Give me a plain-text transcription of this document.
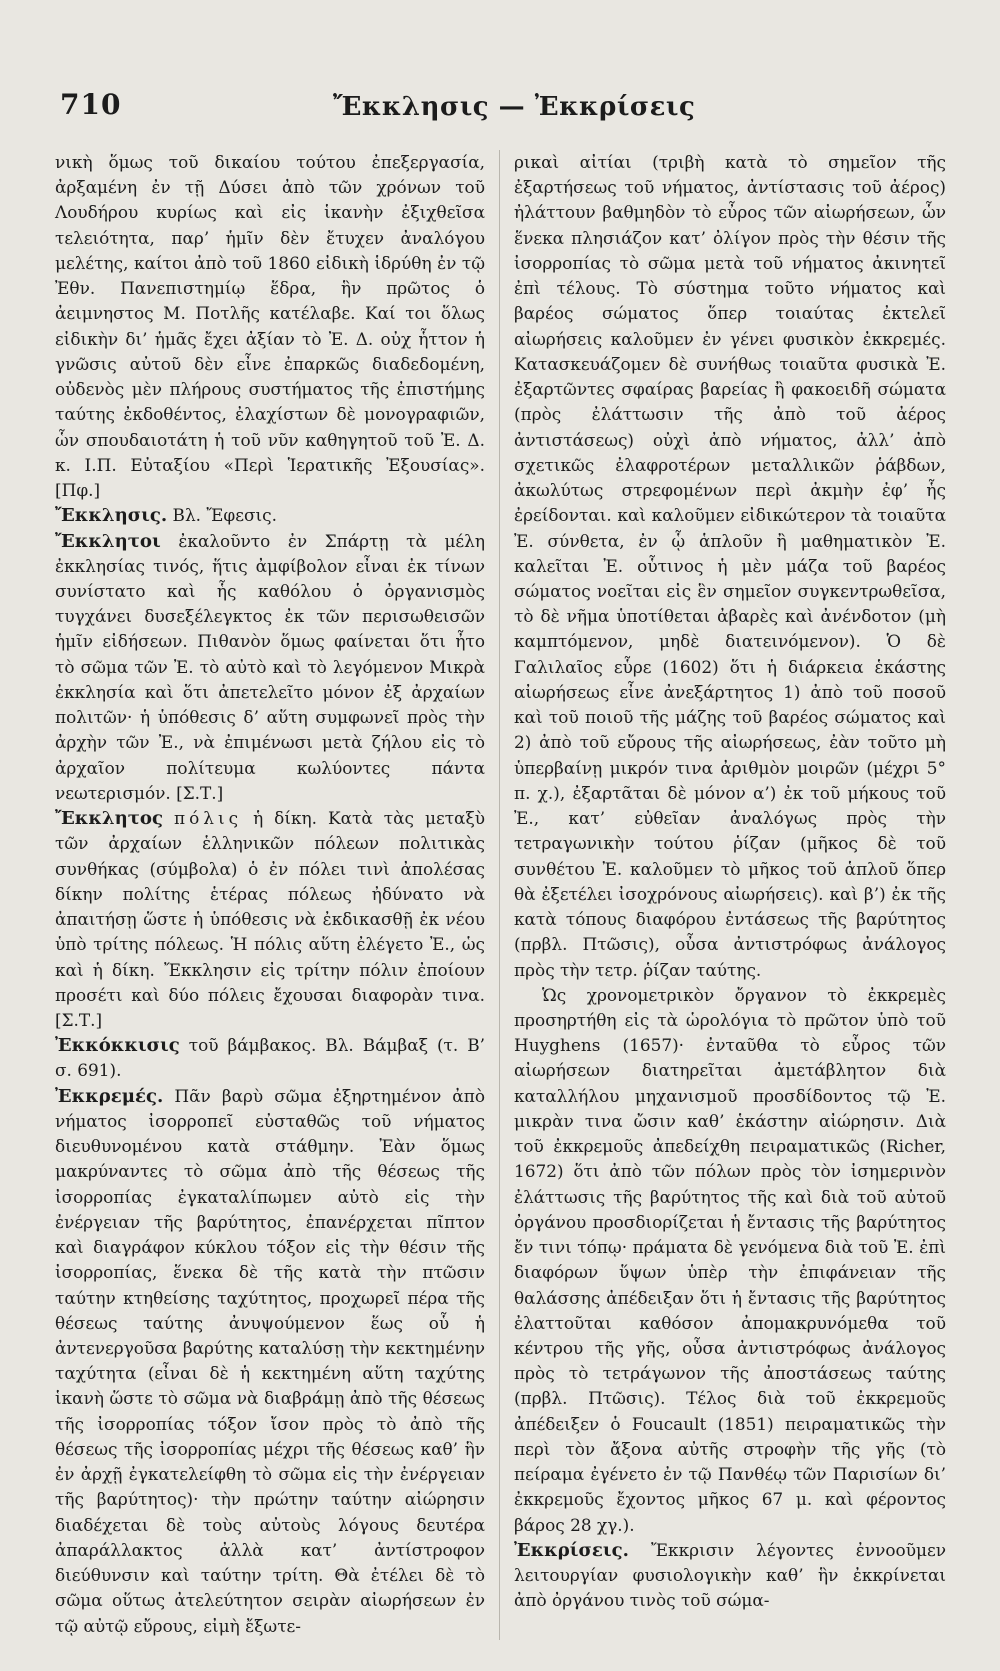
710	Ἔκκλησις — Ἐκκρίσεις

νικὴ ὅμως τοῦ δικαίου τούτου ἐπεξεργασία, ἀρξαμένη ἐν τῇ Δύσει ἀπὸ τῶν χρόνων τοῦ Λουδήρου κυρίως καὶ εἰς ἱκανὴν ἐξιχθεῖσα τελειότητα, παρ’ ἡμῖν δὲν ἔτυχεν ἀναλόγου μελέτης, καίτοι ἀπὸ τοῦ 1860 εἰδικὴ ἱδρύθη ἐν τῷ Ἐθν. Πανεπιστημίῳ ἕδρα, ἣν πρῶτος ὁ ἀειμνηστος Μ. Ποτλῆς κατέλαβε. Καί τοι ὅλως εἰδικὴν δι’ ἡμᾶς ἔχει ἀξίαν τὸ Ἐ. Δ. οὐχ ἧττον ἡ γνῶσις αὐτοῦ δὲν εἶνε ἐπαρκῶς διαδεδομένη, οὐδενὸς μὲν πλήρους συστήματος τῆς ἐπιστήμης ταύτης ἐκδοθέντος, ἐλαχίστων δὲ μονογραφιῶν, ὧν σπουδαιοτάτη ἡ τοῦ νῦν καθηγητοῦ τοῦ Ἐ. Δ. κ. Ι.Π. Εὐταξίου «Περὶ Ἱερατικῆς Ἐξουσίας». [Πφ.]

Ἔκκλησις. Βλ. Ἔφεσις.

Ἔκκλητοι ἐκαλοῦντο ἐν Σπάρτῃ τὰ μέλη ἐκκλησίας τινός, ἥτις ἀμφίβολον εἶναι ἐκ τίνων συνίστατο καὶ ἧς καθόλου ὁ ὀργανισμὸς τυγχάνει δυσεξέλεγκτος ἐκ τῶν περισωθεισῶν ἡμῖν εἰδήσεων. Πιθανὸν ὅμως φαίνεται ὅτι ἦτο τὸ σῶμα τῶν Ἐ. τὸ αὐτὸ καὶ τὸ λεγόμενον Μικρὰ ἐκκλησία καὶ ὅτι ἀπετελεῖτο μόνον ἐξ ἀρχαίων πολιτῶν· ἡ ὑπόθεσις δ’ αὕτη συμφωνεῖ πρὸς τὴν ἀρχὴν τῶν Ἐ., νὰ ἐπιμένωσι μετὰ ζήλου εἰς τὸ ἀρχαῖον πολίτευμα κωλύοντες πάντα νεωτερισμόν. [Σ.Τ.]

Ἔκκλητος πόλις ἡ δίκη. Κατὰ τὰς μεταξὺ τῶν ἀρχαίων ἑλληνικῶν πόλεων πολιτικὰς συνθήκας (σύμβολα) ὁ ἐν πόλει τινὶ ἀπολέσας δίκην πολίτης ἑτέρας πόλεως ἠδύνατο νὰ ἀπαιτήσῃ ὥστε ἡ ὑπόθεσις νὰ ἐκδικασθῇ ἐκ νέου ὑπὸ τρίτης πόλεως. Ἡ πόλις αὕτη ἐλέγετο Ἐ., ὡς καὶ ἡ δίκη. Ἔκκλησιν εἰς τρίτην πόλιν ἐποίουν προσέτι καὶ δύο πόλεις ἔχουσαι διαφορὰν τινα. [Σ.Τ.]

Ἐκκόκκισις τοῦ βάμβακος. Βλ. Βάμβαξ (τ. Β’ σ. 691).

Ἐκκρεμές. Πᾶν βαρὺ σῶμα ἐξηρτημένον ἀπὸ νήματος ἰσορροπεῖ εὐσταθῶς τοῦ νήματος διευθυνομένου κατὰ στάθμην. Ἐὰν ὅμως μακρύναντες τὸ σῶμα ἀπὸ τῆς θέσεως τῆς ἰσορροπίας ἐγκαταλίπωμεν αὐτὸ εἰς τὴν ἐνέργειαν τῆς βαρύτητος, ἐπανέρχεται πῖπτον καὶ διαγράφον κύκλου τόξον εἰς τὴν θέσιν τῆς ἰσορροπίας, ἕνεκα δὲ τῆς κατὰ τὴν πτῶσιν ταύτην κτηθείσης ταχύτητος, προχωρεῖ πέρα τῆς θέσεως ταύτης ἀνυψούμενον ἕως οὗ ἡ ἀντενεργοῦσα βαρύτης καταλύσῃ τὴν κεκτημένην ταχύτητα (εἶναι δὲ ἡ κεκτημένη αὕτη ταχύτης ἱκανὴ ὥστε τὸ σῶμα νὰ διαβράμῃ ἀπὸ τῆς θέσεως τῆς ἰσορροπίας τόξον ἴσον πρὸς τὸ ἀπὸ τῆς θέσεως τῆς ἰσορροπίας μέχρι τῆς θέσεως καθ’ ἣν ἐν ἀρχῇ ἐγκατελείφθη τὸ σῶμα εἰς τὴν ἐνέργειαν τῆς βαρύτητος)· τὴν πρώτην ταύτην αἰώρησιν διαδέχεται δὲ τοὺς αὐτοὺς λόγους δευτέρα ἀπαράλλακτος ἀλλὰ κατ’ ἀντίστροφον διεύθυνσιν καὶ ταύτην τρίτη. Θὰ ἐτέλει δὲ τὸ σῶμα οὕτως ἀτελεύτητον σειρὰν αἰωρήσεων ἐν τῷ αὐτῷ εὔρους, εἰμὴ ἔξωτε-

ρικαὶ αἰτίαι (τριβὴ κατὰ τὸ σημεῖον τῆς ἐξαρτήσεως τοῦ νήματος, ἀντίστασις τοῦ ἀέρος) ἠλάττουν βαθμηδὸν τὸ εὖρος τῶν αἰωρήσεων, ὧν ἕνεκα πλησιάζον κατ’ ὀλίγον πρὸς τὴν θέσιν τῆς ἰσορροπίας τὸ σῶμα μετὰ τοῦ νήματος ἀκινητεῖ ἐπὶ τέλους. Τὸ σύστημα τοῦτο νήματος καὶ βαρέος σώματος ὅπερ τοιαύτας ἐκτελεῖ αἰωρήσεις καλοῦμεν ἐν γένει φυσικὸν ἐκκρεμές. Κατασκευάζομεν δὲ συνήθως τοιαῦτα φυσικὰ Ἐ. ἐξαρτῶντες σφαίρας βαρείας ἢ φακοειδῆ σώματα (πρὸς ἐλάττωσιν τῆς ἀπὸ τοῦ ἀέρος ἀντιστάσεως) οὐχὶ ἀπὸ νήματος, ἀλλ’ ἀπὸ σχετικῶς ἐλαφροτέρων μεταλλικῶν ῥάβδων, ἀκωλύτως στρεφομένων περὶ ἀκμὴν ἐφ’ ἧς ἐρείδονται. καὶ καλοῦμεν εἰδικώτερον τὰ τοιαῦτα Ἐ. σύνθετα, ἐν ᾧ ἁπλοῦν ἢ μαθηματικὸν Ἐ. καλεῖται Ἐ. οὗτινος ἡ μὲν μάζα τοῦ βαρέος σώματος νοεῖται εἰς ἓν σημεῖον συγκεντρωθεῖσα, τὸ δὲ νῆμα ὑποτίθεται ἀβαρὲς καὶ ἀνένδοτον (μὴ καμπτόμενον, μηδὲ διατεινόμενον). Ὁ δὲ Γαλιλαῖος εὗρε (1602) ὅτι ἡ διάρκεια ἑκάστης αἰωρήσεως εἶνε ἀνεξάρτητος 1) ἀπὸ τοῦ ποσοῦ καὶ τοῦ ποιοῦ τῆς μάζης τοῦ βαρέος σώματος καὶ 2) ἀπὸ τοῦ εὔρους τῆς αἰωρήσεως, ἐὰν τοῦτο μὴ ὑπερβαίνῃ μικρόν τινα ἀριθμὸν μοιρῶν (μέχρι 5° π. χ.), ἐξαρτᾶται δὲ μόνον α’) ἐκ τοῦ μήκους τοῦ Ἐ., κατ’ εὐθεῖαν ἀναλόγως πρὸς τὴν τετραγωνικὴν τούτου ῥίζαν (μῆκος δὲ τοῦ συνθέτου Ἐ. καλοῦμεν τὸ μῆκος τοῦ ἁπλοῦ ὅπερ θὰ ἐξετέλει ἰσοχρόνους αἰωρήσεις). καὶ β’) ἐκ τῆς κατὰ τόπους διαφόρου ἐντάσεως τῆς βαρύτητος (πρβλ. Πτῶσις), οὖσα ἀντιστρόφως ἀνάλογος πρὸς τὴν τετρ. ῥίζαν ταύτης.

Ὡς χρονομετρικὸν ὄργανον τὸ ἐκκρεμὲς προσηρτήθη εἰς τὰ ὡρολόγια τὸ πρῶτον ὑπὸ τοῦ Huyghens (1657)· ἐνταῦθα τὸ εὖρος τῶν αἰωρήσεων διατηρεῖται ἀμετάβλητον διὰ καταλλήλου μηχανισμοῦ προσδίδοντος τῷ Ἐ. μικρὰν τινα ὤσιν καθ’ ἑκάστην αἰώρησιν. Διὰ τοῦ ἐκκρεμοῦς ἀπεδείχθη πειραματικῶς (Richer, 1672) ὅτι ἀπὸ τῶν πόλων πρὸς τὸν ἰσημερινὸν ἐλάττωσις τῆς βαρύτητος τῆς καὶ διὰ τοῦ αὐτοῦ ὀργάνου προσδιορίζεται ἡ ἔντασις τῆς βαρύτητος ἔν τινι τόπῳ· πράματα δὲ γενόμενα διὰ τοῦ Ἐ. ἐπὶ διαφόρων ὕψων ὑπὲρ τὴν ἐπιφάνειαν τῆς θαλάσσης ἀπέδειξαν ὅτι ἡ ἔντασις τῆς βαρύτητος ἐλαττοῦται καθόσον ἀπομακρυνόμεθα τοῦ κέντρου τῆς γῆς, οὖσα ἀντιστρόφως ἀνάλογος πρὸς τὸ τετράγωνον τῆς ἀποστάσεως ταύτης (πρβλ. Πτῶσις). Τέλος διὰ τοῦ ἐκκρεμοῦς ἀπέδειξεν ὁ Foucault (1851) πειραματικῶς τὴν περὶ τὸν ἄξονα αὐτῆς στροφὴν τῆς γῆς (τὸ πείραμα ἐγένετο ἐν τῷ Πανθέῳ τῶν Παρισίων δι’ ἐκκρεμοῦς ἔχοντος μῆκος 67 μ. καὶ φέροντος βάρος 28 χγ.).

Ἐκκρίσεις. Ἔκκρισιν λέγοντες ἐννοοῦμεν λειτουργίαν φυσιολογικὴν καθ’ ἣν ἐκκρίνεται ἀπὸ ὀργάνου τινὸς τοῦ σώμα-
